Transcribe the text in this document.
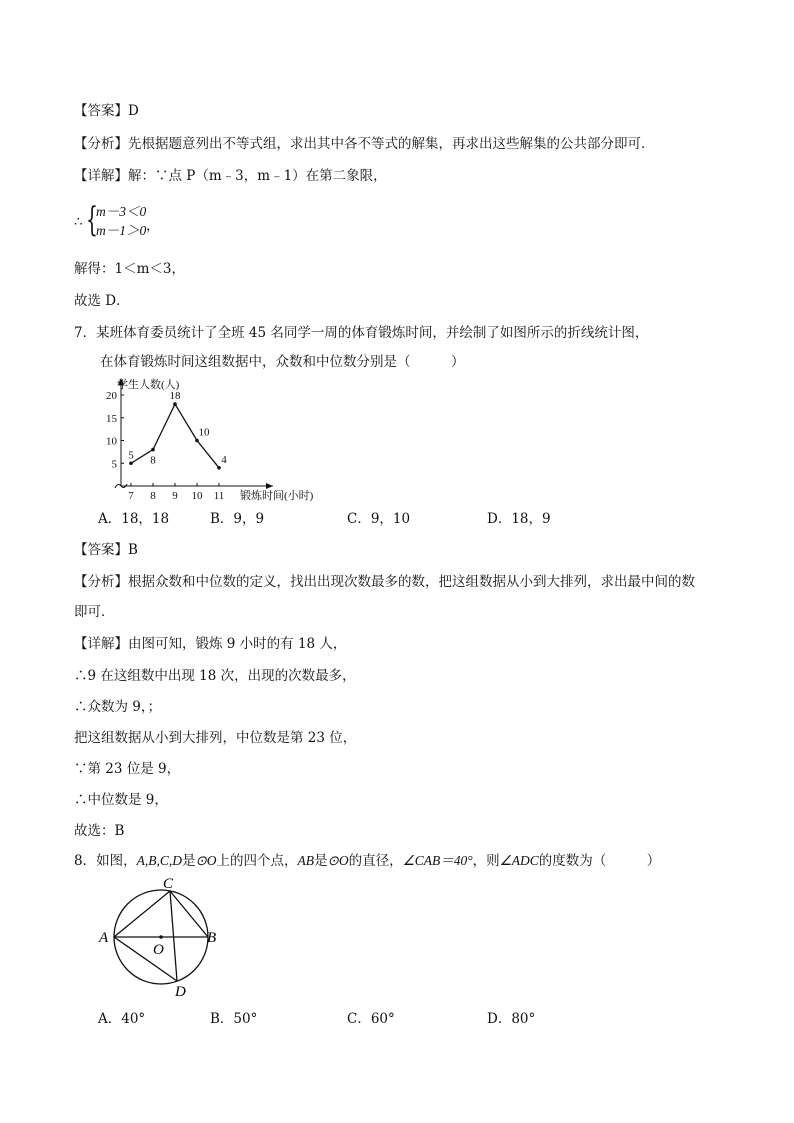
【答案】D
【分析】先根据题意列出不等式组，求出其中各不等式的解集，再求出这些解集的公共部分即可．
【详解】解：∵点 P（m﹣3，m﹣1）在第二象限，
∴ {
m－3＜0
m－1＞0 ，
解得：1＜m＜3，
故选 D．
7．某班体育委员统计了全班 45 名同学一周的体育锻炼时间，并绘制了如图所示的折线统计图，
在体育锻炼时间这组数据中，众数和中位数分别是（　　　）
5
10
15
20
7 8 9 10 11
学生人数(人)
锻炼时间(小时)
5 8
18
10
4
A．18，18	B．9，9	C．9，10	D．18，9
【答案】B
【分析】根据众数和中位数的定义，找出出现次数最多的数，把这组数据从小到大排列，求出最中间的数
即可．
【详解】由图可知，锻炼 9 小时的有 18 人，
∴9 在这组数中出现 18 次，出现的次数最多，
∴众数为 9，；
把这组数据从小到大排列，中位数是第 23 位，
∵第 23 位是 9，
∴中位数是 9，
故选：B
8．如图，A,B,C,D是⊙O上的四个点，AB是⊙O的直径，∠CAB＝40°，则∠ADC的度数为（　　　）
A	B
C
D
O
A．40°	B．50°	C．60°	D．80°
